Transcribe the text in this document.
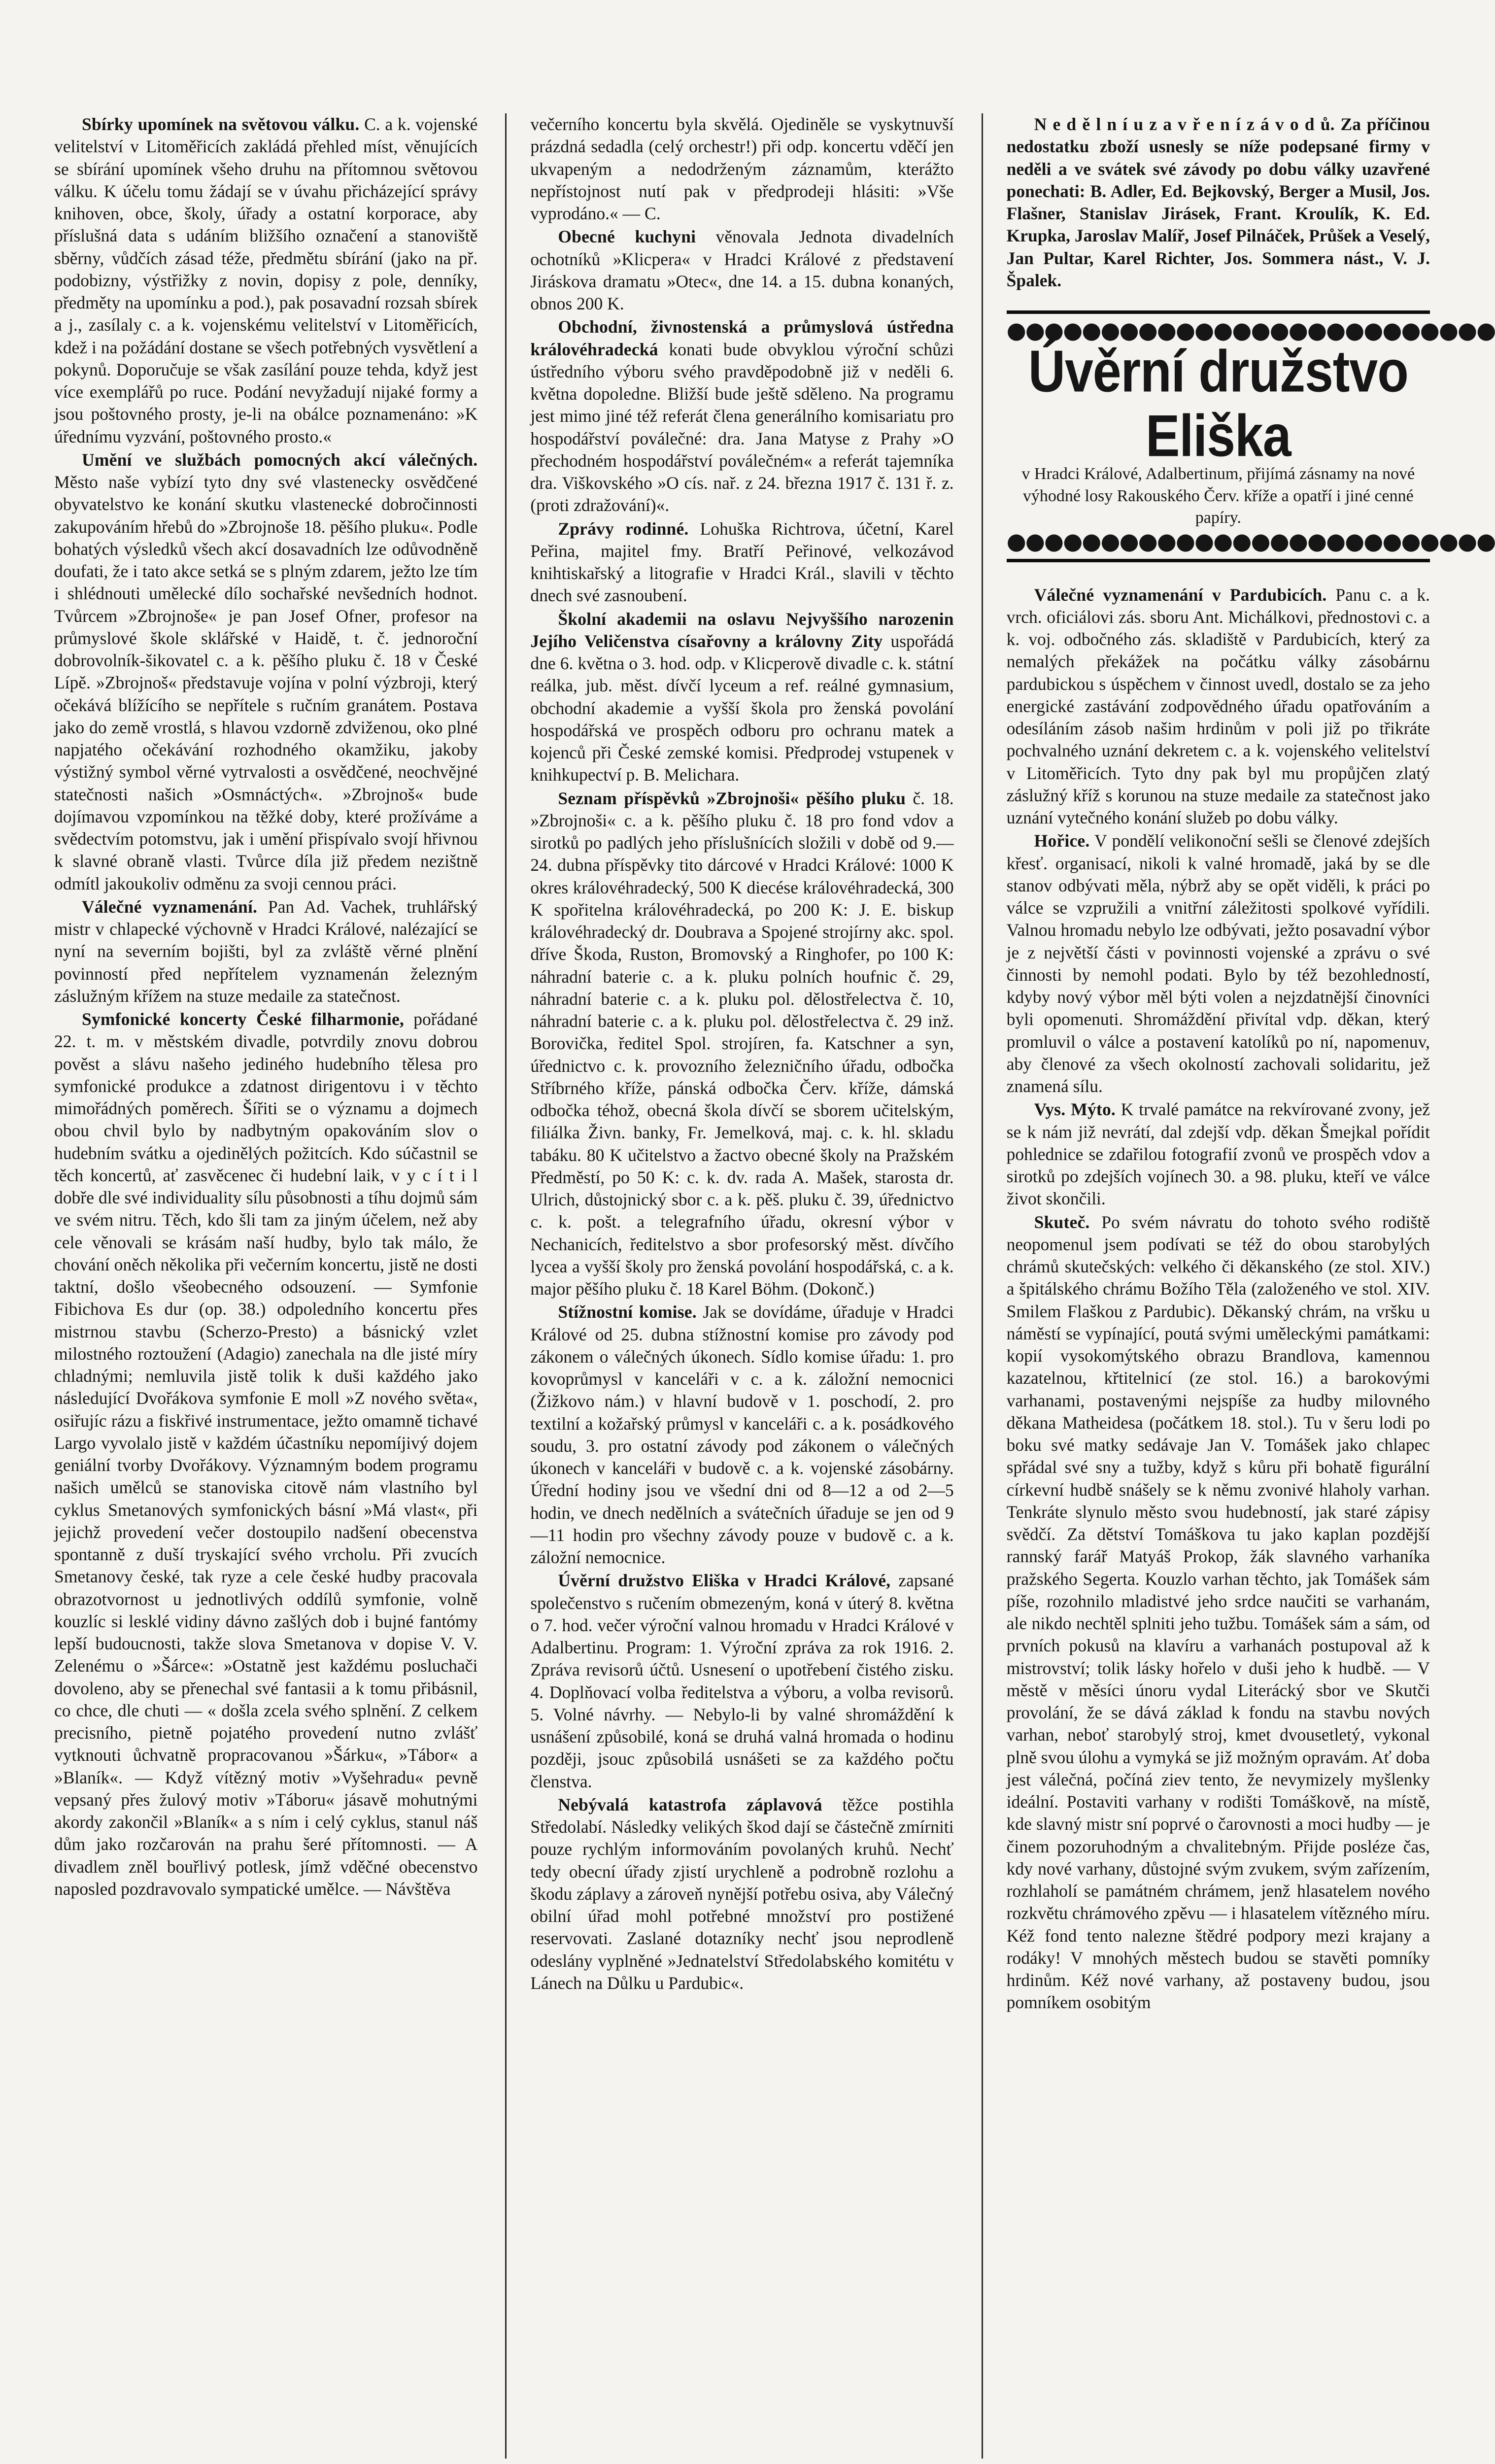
Sbírky upomínek na světovou válku. C. a k. vojenské velitelství v Litoměřicích zakládá přehled míst, věnujících se sbírání upomínek všeho druhu na přítomnou světovou válku. K účelu tomu žádají se v úvahu přicházející správy knihoven, obce, školy, úřady a ostatní korporace, aby příslušná data s udáním bližšího označení a stanoviště sběrny, vůdčích zásad téže, předmětu sbírání (jako na př. podobizny, výstřižky z novin, dopisy z pole, denníky, předměty na upomínku a pod.), pak posavadní rozsah sbírek a j., zasílaly c. a k. vojenskému velitelství v Litoměřicích, kdež i na požádání dostane se všech potřebných vysvětlení a pokynů. Doporučuje se však zasílání pouze tehda, když jest více exemplářů po ruce. Podání nevyžadují nijaké formy a jsou poštovného prosty, je-li na obálce poznamenáno: »K úřednímu vyzvání, poštovného prosto.«

Umění ve službách pomocných akcí válečných. Město naše vybízí tyto dny své vlastenecky osvědčené obyvatelstvo ke konání skutku vlastenecké dobročinnosti zakupováním hřebů do »Zbrojnoše 18. pěšího pluku«. Podle bohatých výsledků všech akcí dosavadních lze odůvodněně doufati, že i tato akce setká se s plným zdarem, ježto lze tím i shlédnouti umělecké dílo sochařské nevšedních hodnot. Tvůrcem »Zbrojnoše« je pan Josef Ofner, profesor na průmyslové škole sklářské v Haidě, t. č. jednoroční dobrovolník-šikovatel c. a k. pěšího pluku č. 18 v České Lípě. »Zbrojnoš« představuje vojína v polní výzbroji, který očekává blížícího se nepřítele s ručním granátem. Postava jako do země vrostlá, s hlavou vzdorně zdviženou, oko plné napjatého očekávání rozhodného okamžiku, jakoby výstižný symbol věrné vytrvalosti a osvědčené, neochvějné statečnosti našich »Osmnáctých«. »Zbrojnoš« bude dojímavou vzpomínkou na těžké doby, které prožíváme a svědectvím potomstvu, jak i umění přispívalo svojí hřivnou k slavné obraně vlasti. Tvůrce díla již předem nezištně odmítl jakoukoliv odměnu za svoji cennou práci.

Válečné vyznamenání. Pan Ad. Vachek, truhlářský mistr v chlapecké výchovně v Hradci Králové, nalézající se nyní na severním bojišti, byl za zvláště věrné plnění povinností před nepřítelem vyznamenán železným záslužným křížem na stuze medaile za statečnost.

Symfonické koncerty České filharmonie, pořádané 22. t. m. v městském divadle, potvrdily znovu dobrou pověst a slávu našeho jediného hudebního tělesa pro symfonické produkce a zdatnost dirigentovu i v těchto mimořádných poměrech. Šířiti se o významu a dojmech obou chvil bylo by nadbytným opakováním slov o hudebním svátku a ojedinělých požitcích. Kdo súčastnil se těch koncertů, ať zasvěcenec či hudební laik, v y c í t i l dobře dle své individuality sílu působnosti a tíhu dojmů sám ve svém nitru. Těch, kdo šli tam za jiným účelem, než aby cele věnovali se krásám naší hudby, bylo tak málo, že chování oněch několika při večerním koncertu, jistě ne dosti taktní, došlo všeobecného odsouzení. — Symfonie Fibichova Es dur (op. 38.) odpoledního koncertu přes mistrnou stavbu (Scherzo-Presto) a básnický vzlet milostného roztoužení (Adagio) zanechala na dle jisté míry chladnými; nemluvila jistě tolik k duši každého jako následující Dvořákova symfonie E moll »Z nového světa«, osiřujíc rázu a fiskřivé instrumentace, ježto omamně tichavé Largo vyvolalo jistě v každém účastníku nepomíjivý dojem geniální tvorby Dvořákovy. Významným bodem programu našich umělců se stanoviska citově nám vlastního byl cyklus Smetanových symfonických básní »Má vlast«, při jejichž provedení večer dostoupilo nadšení obecenstva spontanně z duší tryskající svého vrcholu. Při zvucích Smetanovy české, tak ryze a cele české hudby pracovala obrazotvornost u jednotlivých oddílů symfonie, volně kouzlíc si lesklé vidiny dávno zašlých dob i bujné fantómy lepší budoucnosti, takže slova Smetanova v dopise V. V. Zelenému o »Šárce«: »Ostatně jest každému posluchači dovoleno, aby se přenechal své fantasii a k tomu přibásnil, co chce, dle chuti — « došla zcela svého splnění. Z celkem precisního, pietně pojatého provedení nutno zvlášť vytknouti ůchvatně propracovanou »Šárku«, »Tábor« a »Blaník«. — Když vítězný motiv »Vyšehradu« pevně vepsaný přes žulový motiv »Táboru« jásavě mohutnými akordy zakončil »Blaník« a s ním i celý cyklus, stanul náš dům jako rozčarován na prahu šeré přítomnosti. — A divadlem zněl bouřlivý potlesk, jímž vděčné obecenstvo naposled pozdravovalo sympatické umělce. — Návštěva

večerního koncertu byla skvělá. Ojediněle se vyskytnuvší prázdná sedadla (celý orchestr!) při odp. koncertu vděčí jen ukvapeným a nedodrženým záznamům, kterážto nepřístojnost nutí pak v předprodeji hlásiti: »Vše vyprodáno.« — C.

Obecné kuchyni věnovala Jednota divadelních ochotníků »Klicpera« v Hradci Králové z představení Jiráskova dramatu »Otec«, dne 14. a 15. dubna konaných, obnos 200 K.

Obchodní, živnostenská a průmyslová ústředna královéhradecká konati bude obvyklou výroční schůzi ústředního výboru svého pravděpodobně již v neděli 6. května dopoledne. Bližší bude ještě sděleno. Na programu jest mimo jiné též referát člena generálního komisariatu pro hospodářství poválečné: dra. Jana Matyse z Prahy »O přechodném hospodářství poválečném« a referát tajemníka dra. Viškovského »O cís. nař. z 24. března 1917 č. 131 ř. z. (proti zdražování)«.

Zprávy rodinné. Lohuška Richtrova, účetní, Karel Peřina, majitel fmy. Bratří Peřinové, velkozávod knihtiskařský a litografie v Hradci Král., slavili v těchto dnech své zasnoubení.

Školní akademii na oslavu Nejvyššího narozenin Jejího Veličenstva císařovny a královny Zity uspořádá dne 6. května o 3. hod. odp. v Klicperově divadle c. k. státní reálka, jub. měst. dívčí lyceum a ref. reálné gymnasium, obchodní akademie a vyšší škola pro ženská povolání hospodářská ve prospěch odboru pro ochranu matek a kojenců při České zemské komisi. Předprodej vstupenek v knihkupectví p. B. Melichara.

Seznam příspěvků »Zbrojnoši« pěšího pluku č. 18. »Zbrojnoši« c. a k. pěšího pluku č. 18 pro fond vdov a sirotků po padlých jeho příslušnících složili v době od 9.—24. dubna příspěvky tito dárcové v Hradci Králové: 1000 K okres královéhradecký, 500 K diecése královéhradecká, 300 K spořitelna královéhradecká, po 200 K: J. E. biskup královéhradecký dr. Doubrava a Spojené strojírny akc. spol. dříve Škoda, Ruston, Bromovský a Ringhofer, po 100 K: náhradní baterie c. a k. pluku polních houfnic č. 29, náhradní baterie c. a k. pluku pol. dělostřelectva č. 10, náhradní baterie c. a k. pluku pol. dělostřelectva č. 29 inž. Borovička, ředitel Spol. strojíren, fa. Katschner a syn, úřednictvo c. k. provozního železničního úřadu, odbočka Stříbrného kříže, pánská odbočka Červ. kříže, dámská odbočka téhož, obecná škola dívčí se sborem učitelským, filiálka Živn. banky, Fr. Jemelková, maj. c. k. hl. skladu tabáku. 80 K učitelstvo a žactvo obecné školy na Pražském Předměstí, po 50 K: c. k. dv. rada A. Mašek, starosta dr. Ulrich, důstojnický sbor c. a k. pěš. pluku č. 39, úřednictvo c. k. pošt. a telegrafního úřadu, okresní výbor v Nechanicích, ředitelstvo a sbor profesorský měst. dívčího lycea a vyšší školy pro ženská povolání hospodářská, c. a k. major pěšího pluku č. 18 Karel Böhm. (Dokonč.)

Stížnostní komise. Jak se dovídáme, úřaduje v Hradci Králové od 25. dubna stížnostní komise pro závody pod zákonem o válečných úkonech. Sídlo komise úřadu: 1. pro kovoprůmysl v kanceláři v c. a k. záložní nemocnici (Žižkovo nám.) v hlavní budově v 1. poschodí, 2. pro textilní a kožařský průmysl v kanceláři c. a k. posádkového soudu, 3. pro ostatní závody pod zákonem o válečných úkonech v kanceláři v budově c. a k. vojenské zásobárny. Úřední hodiny jsou ve všední dni od 8—12 a od 2—5 hodin, ve dnech nedělních a svátečních úřaduje se jen od 9—11 hodin pro všechny závody pouze v budově c. a k. záložní nemocnice.

Úvěrní družstvo Eliška v Hradci Králové, zapsané společenstvo s ručením obmezeným, koná v úterý 8. května o 7. hod. večer výroční valnou hromadu v Hradci Králové v Adalbertinu. Program: 1. Výroční zpráva za rok 1916. 2. Zpráva revisorů účtů. Usnesení o upotřebení čistého zisku. 4. Doplňovací volba ředitelstva a výboru, a volba revisorů. 5. Volné návrhy. — Nebylo-li by valné shromáždění k usnášení způsobilé, koná se druhá valná hromada o hodinu později, jsouc způsobilá usnášeti se za každého počtu členstva.

Nebývalá katastrofa záplavová těžce postihla Středolabí. Následky velikých škod dají se částečně zmírniti pouze rychlým informováním povolaných kruhů. Nechť tedy obecní úřady zjistí urychleně a podrobně rozlohu a škodu záplavy a zároveň nynější potřebu osiva, aby Válečný obilní úřad mohl potřebné množství pro postižené reservovati. Zaslané dotazníky nechť jsou neprodleně odeslány vyplněné »Jednatelství Středolabského komitétu v Lánech na Důlku u Pardubic«.

N e d ě l n í u z a v ř e n í z á v o d ů. Za příčinou nedostatku zboží usnesly se níže podepsané firmy v neděli a ve svátek své závody po dobu války uzavřené ponechati: B. Adler, Ed. Bejkovský, Berger a Musil, Jos. Flašner, Stanislav Jirásek, Frant. Kroulík, K. Ed. Krupka, Jaroslav Malíř, Josef Pilnáček, Průšek a Veselý, Jan Pultar, Karel Richter, Jos. Sommera nást., V. J. Špalek.

●●●●●●●●●●●●●●●●●●●●●●●●●●
Úvěrní družstvo Eliška
v Hradci Králové, Adalbertinum, přijímá zásnamy na nové výhodné losy Rakouského Červ. kříže a opatří i jiné cenné papíry.
●●●●●●●●●●●●●●●●●●●●●●●●●●

Válečné vyznamenání v Pardubicích. Panu c. a k. vrch. oficiálovi zás. sboru Ant. Michálkovi, přednostovi c. a k. voj. odbočného zás. skladiště v Pardubicích, který za nemalých překážek na počátku války zásobárnu pardubickou s úspěchem v činnost uvedl, dostalo se za jeho energické zastávání zodpovědného úřadu opatřováním a odesíláním zásob našim hrdinům v poli již po třikráte pochvalného uznání dekretem c. a k. vojenského velitelství v Litoměřicích. Tyto dny pak byl mu propůjčen zlatý záslužný kříž s korunou na stuze medaile za statečnost jako uznání vytečného konání služeb po dobu války.

Hořice. V pondělí velikonoční sešli se členové zdejších křesť. organisací, nikoli k valné hromadě, jaká by se dle stanov odbývati měla, nýbrž aby se opět viděli, k práci po válce se vzpružili a vnitřní záležitosti spolkové vyřídili. Valnou hromadu nebylo lze odbývati, ježto posavadní výbor je z největší části v povinnosti vojenské a zprávu o své činnosti by nemohl podati. Bylo by též bezohledností, kdyby nový výbor měl býti volen a nejzdatnější činovníci byli opomenuti. Shromáždění přivítal vdp. děkan, který promluvil o válce a postavení katolíků po ní, napomenuv, aby členové za všech okolností zachovali solidaritu, jež znamená sílu.

Vys. Mýto. K trvalé památce na rekvírované zvony, jež se k nám již nevrátí, dal zdejší vdp. děkan Šmejkal pořídit pohlednice se zdařilou fotografií zvonů ve prospěch vdov a sirotků po zdejších vojínech 30. a 98. pluku, kteří ve válce život skončili.

Skuteč. Po svém návratu do tohoto svého rodiště neopomenul jsem podívati se též do obou starobylých chrámů skutečských: velkého či děkanského (ze stol. XIV.) a špitálského chrámu Božího Těla (založeného ve stol. XIV. Smilem Flaškou z Pardubic). Děkanský chrám, na vršku u náměstí se vypínající, poutá svými uměleckými památkami: kopií vysokomýtského obrazu Brandlova, kamennou kazatelnou, křtitelnicí (ze stol. 16.) a barokovými varhanami, postavenými nejspíše za hudby milovného děkana Matheidesa (počátkem 18. stol.). Tu v šeru lodi po boku své matky sedávaje Jan V. Tomášek jako chlapec spřádal své sny a tužby, když s kůru při bohatě figurální církevní hudbě snášely se k němu zvonivé hlaholy varhan. Tenkráte slynulo město svou hudebností, jak staré zápisy svědčí. Za dětství Tomáškova tu jako kaplan pozdější rannský farář Matyáš Prokop, žák slavného varhaníka pražského Segerta. Kouzlo varhan těchto, jak Tomášek sám píše, rozohnilo mladistvé jeho srdce naučiti se varhanám, ale nikdo nechtěl splniti jeho tužbu. Tomášek sám a sám, od prvních pokusů na klavíru a varhanách postupoval až k mistrovství; tolik lásky hořelo v duši jeho k hudbě. — V městě v měsíci únoru vydal Literácký sbor ve Skutči provolání, že se dává základ k fondu na stavbu nových varhan, neboť starobylý stroj, kmet dvousetletý, vykonal plně svou úlohu a vymyká se již možným opravám. Ať doba jest válečná, počíná ziev tento, že nevymizely myšlenky ideální. Postaviti varhany v rodišti Tomáškově, na místě, kde slavný mistr sní poprvé o čarovnosti a moci hudby — je činem pozoruhodným a chvalitebným. Přijde posléze čas, kdy nové varhany, důstojné svým zvukem, svým zařízením, rozhlaholí se památném chrámem, jenž hlasatelem nového rozkvětu chrámového zpěvu — i hlasatelem vítězného míru. Kéž fond tento nalezne štědré podpory mezi krajany a rodáky! V mnohých městech budou se stavěti pomníky hrdinům. Kéž nové varhany, až postaveny budou, jsou pomníkem osobitým
